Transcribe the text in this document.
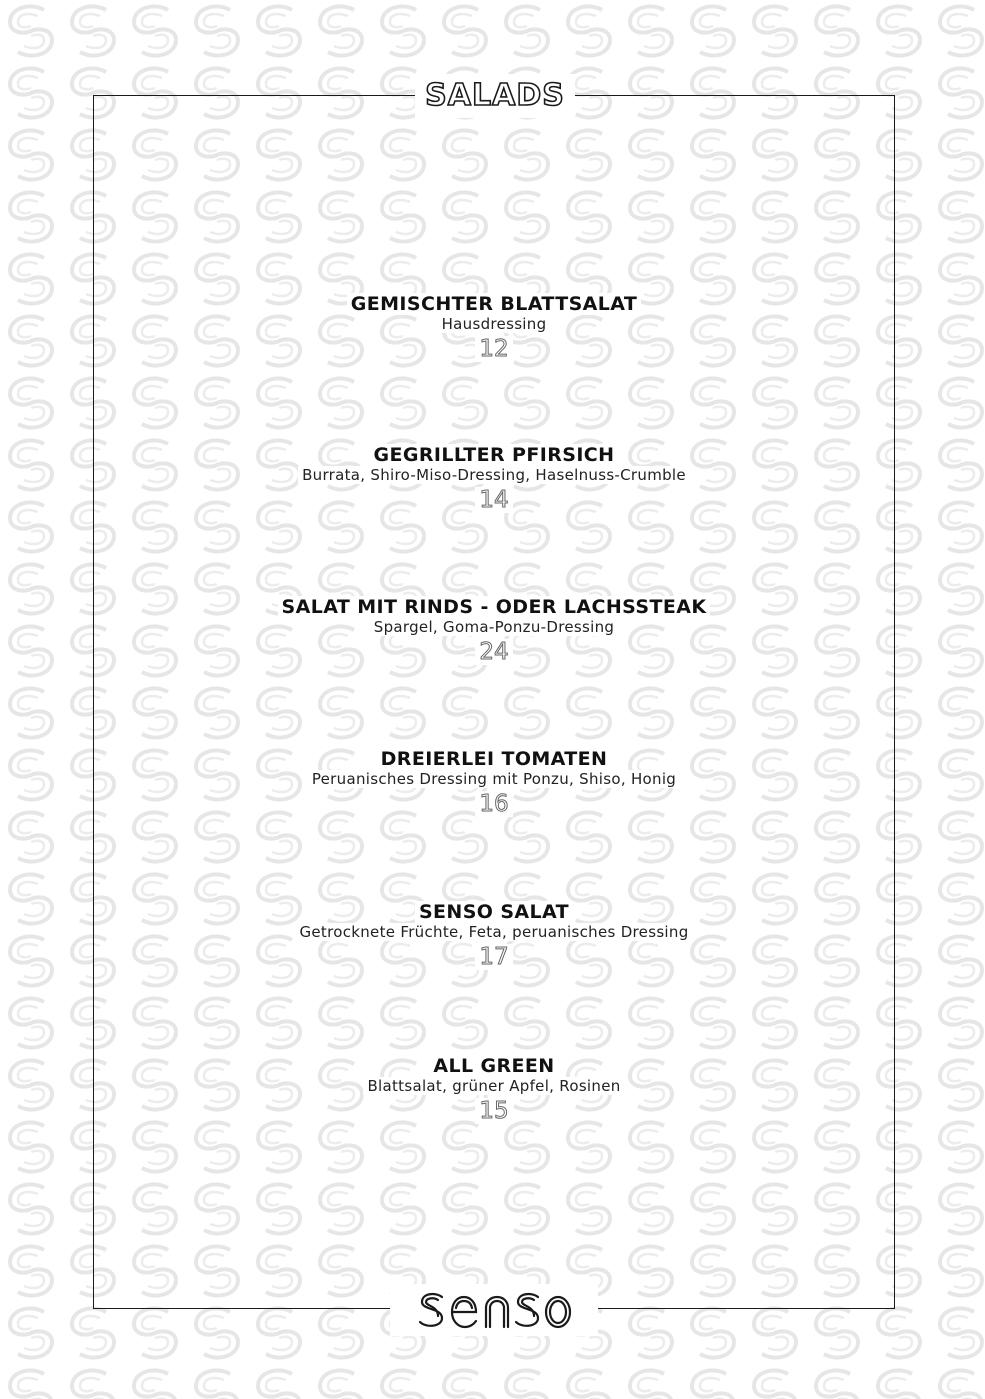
SALADS
GEMISCHTER BLATTSALAT
Hausdressing
12
GEGRILLTER PFIRSICH
Burrata, Shiro-Miso-Dressing, Haselnuss-Crumble
14
SALAT MIT RINDS - ODER LACHSSTEAK
Spargel, Goma-Ponzu-Dressing
24
DREIERLEI TOMATEN
Peruanisches Dressing mit Ponzu, Shiso, Honig
16
SENSO SALAT
Getrocknete Früchte, Feta, peruanisches Dressing
17
ALL GREEN
Blattsalat, grüner Apfel, Rosinen
15
